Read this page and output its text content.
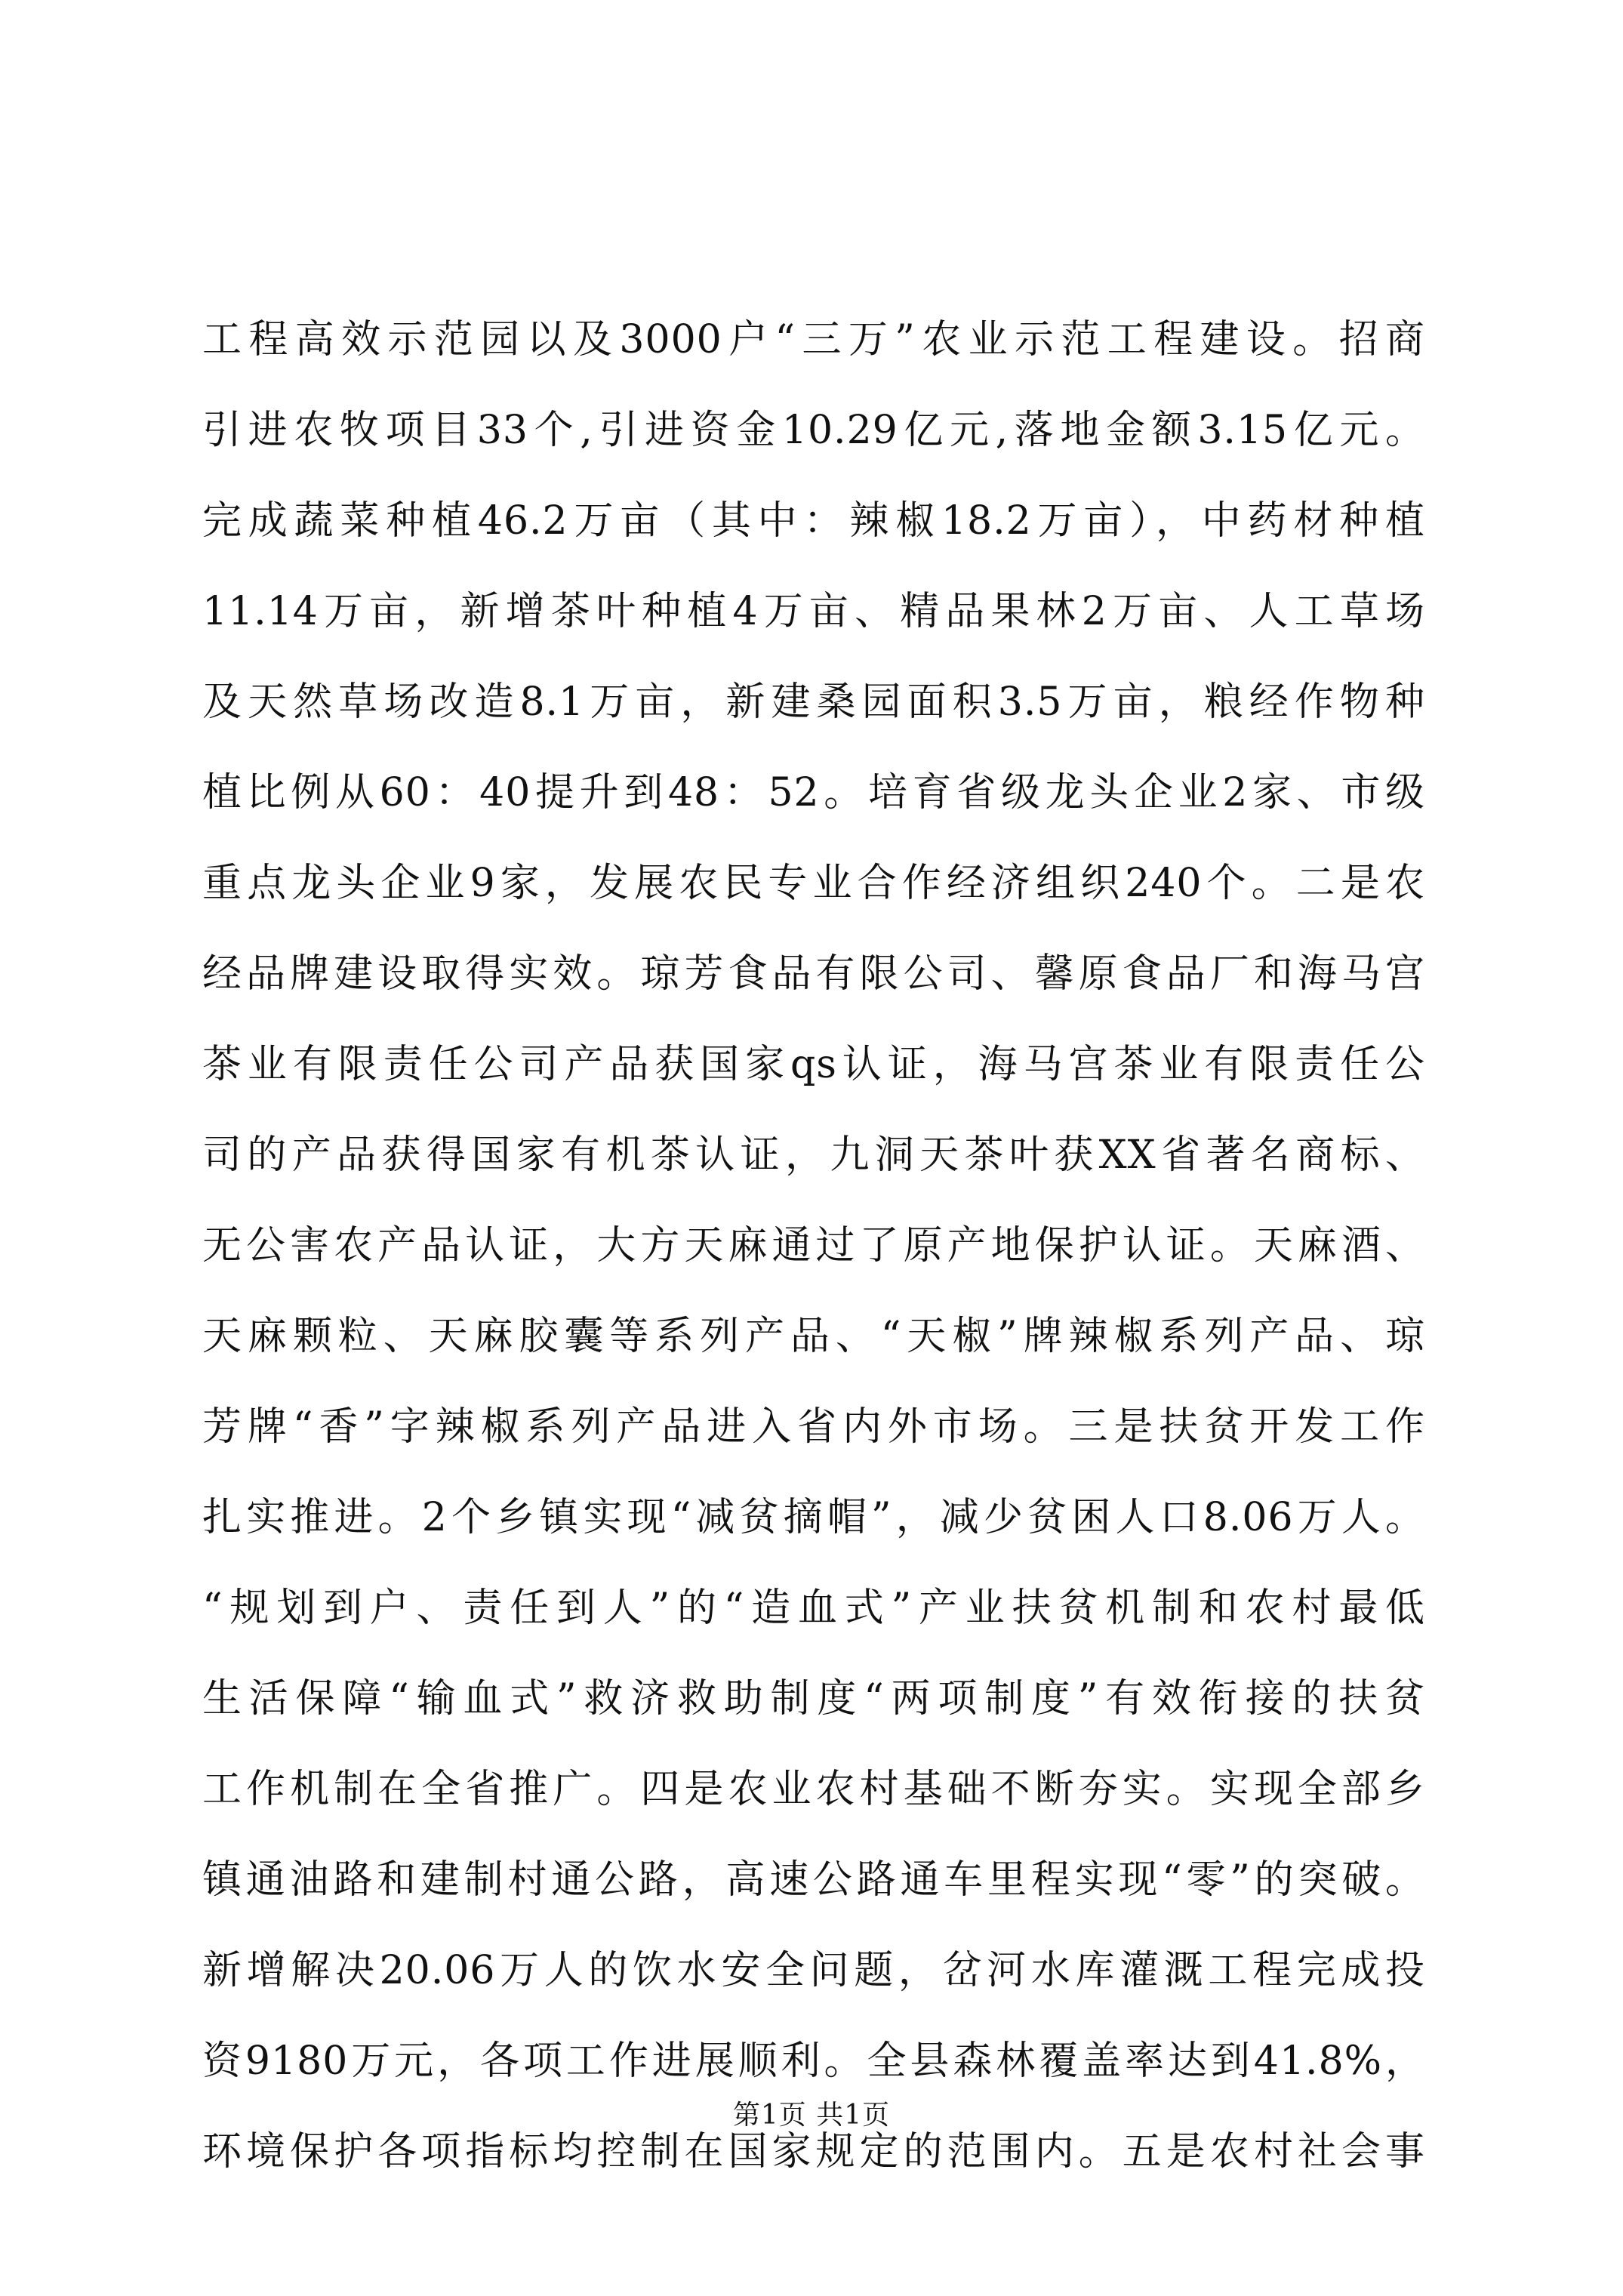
工程高效示范园以及3000户“三万”农业示范工程建设。招商
引进农牧项目33个,引进资金10.29亿元,落地金额3.15亿元。
完成蔬菜种植46.2万亩（其中：辣椒18.2万亩），中药材种植
11.14万亩，新增茶叶种植4万亩、精品果林2万亩、人工草场
及天然草场改造8.1万亩，新建桑园面积3.5万亩，粮经作物种
植比例从60：40提升到48：52。培育省级龙头企业2家、市级
重点龙头企业9家，发展农民专业合作经济组织240个。二是农
经品牌建设取得实效。琼芳食品有限公司、馨原食品厂和海马宫
茶业有限责任公司产品获国家qs认证，海马宫茶业有限责任公
司的产品获得国家有机茶认证，九洞天茶叶获XX省著名商标、
无公害农产品认证，大方天麻通过了原产地保护认证。天麻酒、
天麻颗粒、天麻胶囊等系列产品、“天椒”牌辣椒系列产品、琼
芳牌“香”字辣椒系列产品进入省内外市场。三是扶贫开发工作
扎实推进。2个乡镇实现“减贫摘帽”，减少贫困人口8.06万人。
“规划到户、责任到人”的“造血式”产业扶贫机制和农村最低
生活保障“输血式”救济救助制度“两项制度”有效衔接的扶贫
工作机制在全省推广。四是农业农村基础不断夯实。实现全部乡
镇通油路和建制村通公路，高速公路通车里程实现“零”的突破。
新增解决20.06万人的饮水安全问题，岔河水库灌溉工程完成投
资9180万元，各项工作进展顺利。全县森林覆盖率达到41.8%，
环境保护各项指标均控制在国家规定的范围内。五是农村社会事
第1页 共1页
